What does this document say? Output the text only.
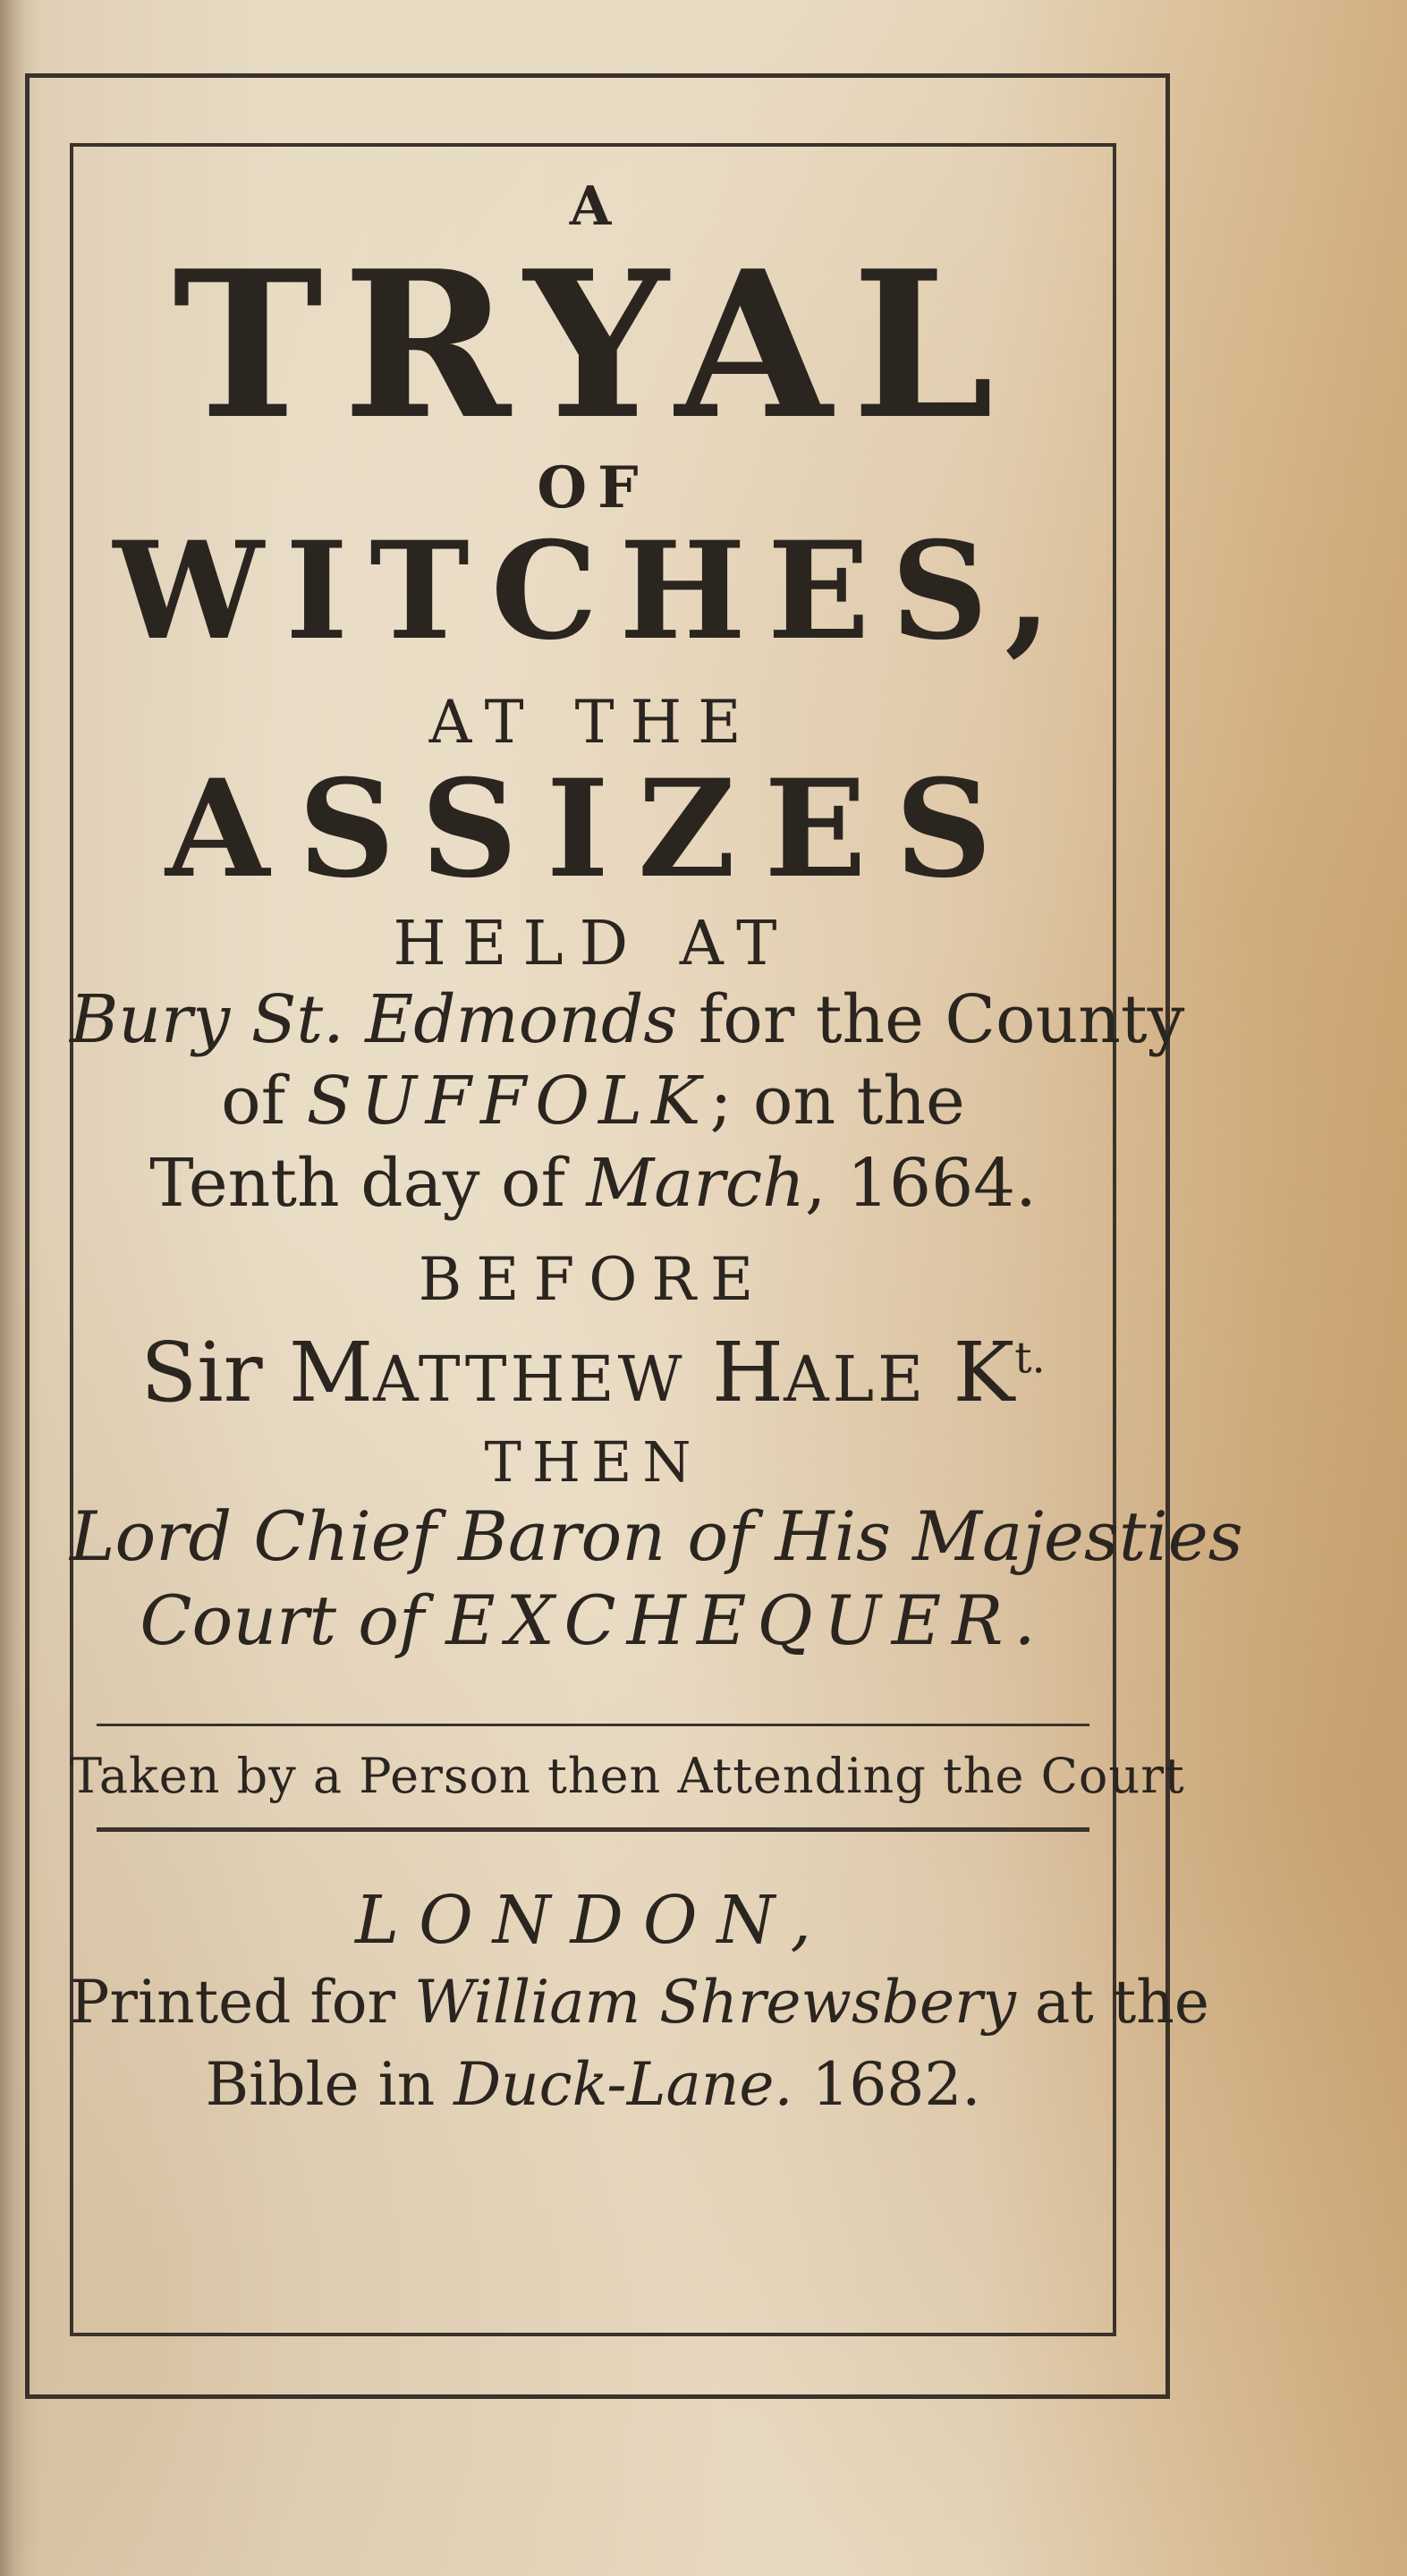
A
TRYAL
OF
WITCHES,
AT THE
ASSIZES
HELD AT
Bury St. Edmonds for the County
of SUFFOLK; on the
Tenth day of March, 1664.
BEFORE
Sir MATTHEW HALE $K^{t.}$
THEN
Lord Chief Baron of His Majesties
Court of EXCHEQUER.
Taken by a Person then Attending the Court
LONDON,
Printed for William Shrewsbery at the
Bible in Duck-Lane. 1682.
